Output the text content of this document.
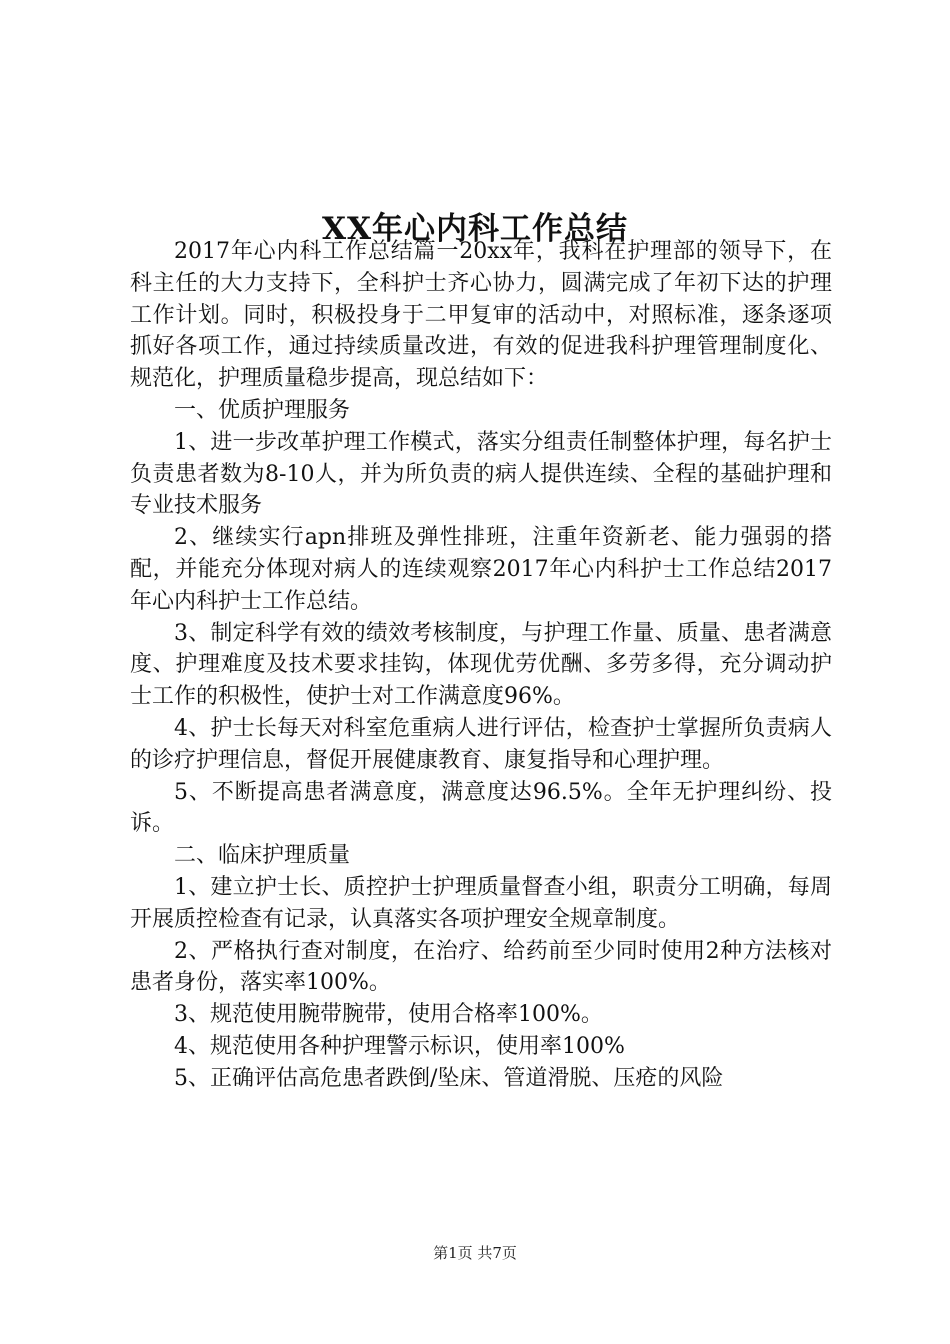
XX年心内科工作总结

2017年心内科工作总结篇一20xx年，我科在护理部的领导下，在科主任的大力支持下，全科护士齐心协力，圆满完成了年初下达的护理工作计划。同时，积极投身于二甲复审的活动中，对照标准，逐条逐项抓好各项工作，通过持续质量改进，有效的促进我科护理管理制度化、规范化，护理质量稳步提高，现总结如下：

一、优质护理服务

1、进一步改革护理工作模式，落实分组责任制整体护理，每名护士负责患者数为8-10人，并为所负责的病人提供连续、全程的基础护理和专业技术服务

2、继续实行apn排班及弹性排班，注重年资新老、能力强弱的搭配，并能充分体现对病人的连续观察2017年心内科护士工作总结2017年心内科护士工作总结。

3、制定科学有效的绩效考核制度，与护理工作量、质量、患者满意度、护理难度及技术要求挂钩，体现优劳优酬、多劳多得，充分调动护士工作的积极性，使护士对工作满意度96%。

4、护士长每天对科室危重病人进行评估，检查护士掌握所负责病人的诊疗护理信息，督促开展健康教育、康复指导和心理护理。

5、不断提高患者满意度，满意度达96.5%。全年无护理纠纷、投诉。

二、临床护理质量

1、建立护士长、质控护士护理质量督查小组，职责分工明确，每周开展质控检查有记录，认真落实各项护理安全规章制度。

2、严格执行查对制度，在治疗、给药前至少同时使用2种方法核对患者身份，落实率100%。

3、规范使用腕带腕带，使用合格率100%。

4、规范使用各种护理警示标识，使用率100%

5、正确评估高危患者跌倒/坠床、管道滑脱、压疮的风险

第1页 共7页
